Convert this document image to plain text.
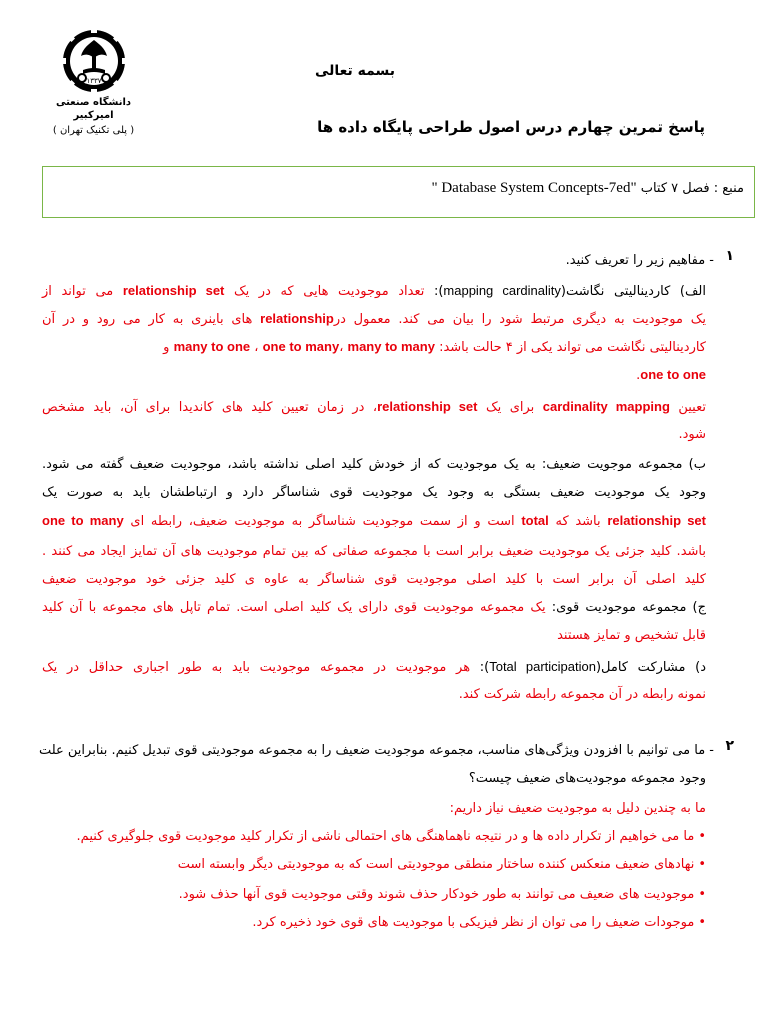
۱۳۳۷
دانشگاه صنعتی امیرکبیر
( پلی تکنیک تهران )
بسمه تعالی
پاسخ تمرین چهارم درس اصول طراحی پایگاه داده ها
منبع : فصل ۷ کتاب " Database System Concepts-7ed"
۱
- مفاهیم زیر را تعریف کنید.
الف) کاردینالیتی نگاشت(mapping cardinality): تعداد موجودیت هایی که در یک relationship set می تواند از
یک موجودیت به دیگری مرتبط شود را بیان می کند. معمول درrelationship های باینری به کار می رود و در آن
کاردینالیتی نگاشت می تواند یکی از ۴ حالت باشد: many to one ، one to many، many to many و
one to one.
تعیین cardinality mapping برای یک relationship set، در زمان تعیین کلید های کاندیدا برای آن، باید مشخص
شود.
ب) مجموعه موجویت ضعیف: به یک موجودیت که از خودش کلید اصلی نداشته باشد، موجودیت ضعیف گفته می شود.
وجود یک موجودیت ضعیف بستگی به وجود یک موجودیت قوی شناساگر دارد و ارتباطشان باید به صورت یک
relationship set باشد که total است و از سمت موجودیت شناساگر به موجودیت ضعیف، رابطه ای one to many
باشد. کلید جزئی یک موجودیت ضعیف برابر است با مجموعه صفاتی که بین تمام موجودیت های آن تمایز ایجاد می کنند .
کلید اصلی آن برابر است با کلید اصلی موجودیت قوی شناساگر به عاوه ی کلید جزئی خود موجودیت ضعیف
ج) مجموعه موجودیت قوی: یک مجموعه موجودیت قوی دارای یک کلید اصلی است. تمام تاپل های مجموعه با آن کلید
قابل تشخیص و تمایز هستند
د) مشارکت کامل(Total participation): هر موجودیت در مجموعه موجودیت باید به طور اجباری حداقل در یک
نمونه رابطه در آن مجموعه رابطه شرکت کند.
۲
- ما می توانیم با افزودن ویژگی‌های مناسب، مجموعه موجودیت ضعیف را به مجموعه موجودیتی قوی تبدیل کنیم. بنابراین علت
وجود مجموعه موجودیت‌های ضعیف چیست؟
ما به چندین دلیل به موجودیت ضعیف نیاز داریم:
•ما می خواهیم از تکرار داده ها و در نتیجه ناهماهنگی های احتمالی ناشی از تکرار کلید موجودیت قوی جلوگیری کنیم.
•نهادهای ضعیف منعکس کننده ساختار منطقی موجودیتی است که به موجودیتی دیگر وابسته است
•موجودیت های ضعیف می توانند به طور خودکار حذف شوند وقتی موجودیت قوی آنها حذف شود.
•موجودات ضعیف را می توان از نظر فیزیکی با موجودیت های قوی خود ذخیره کرد.
